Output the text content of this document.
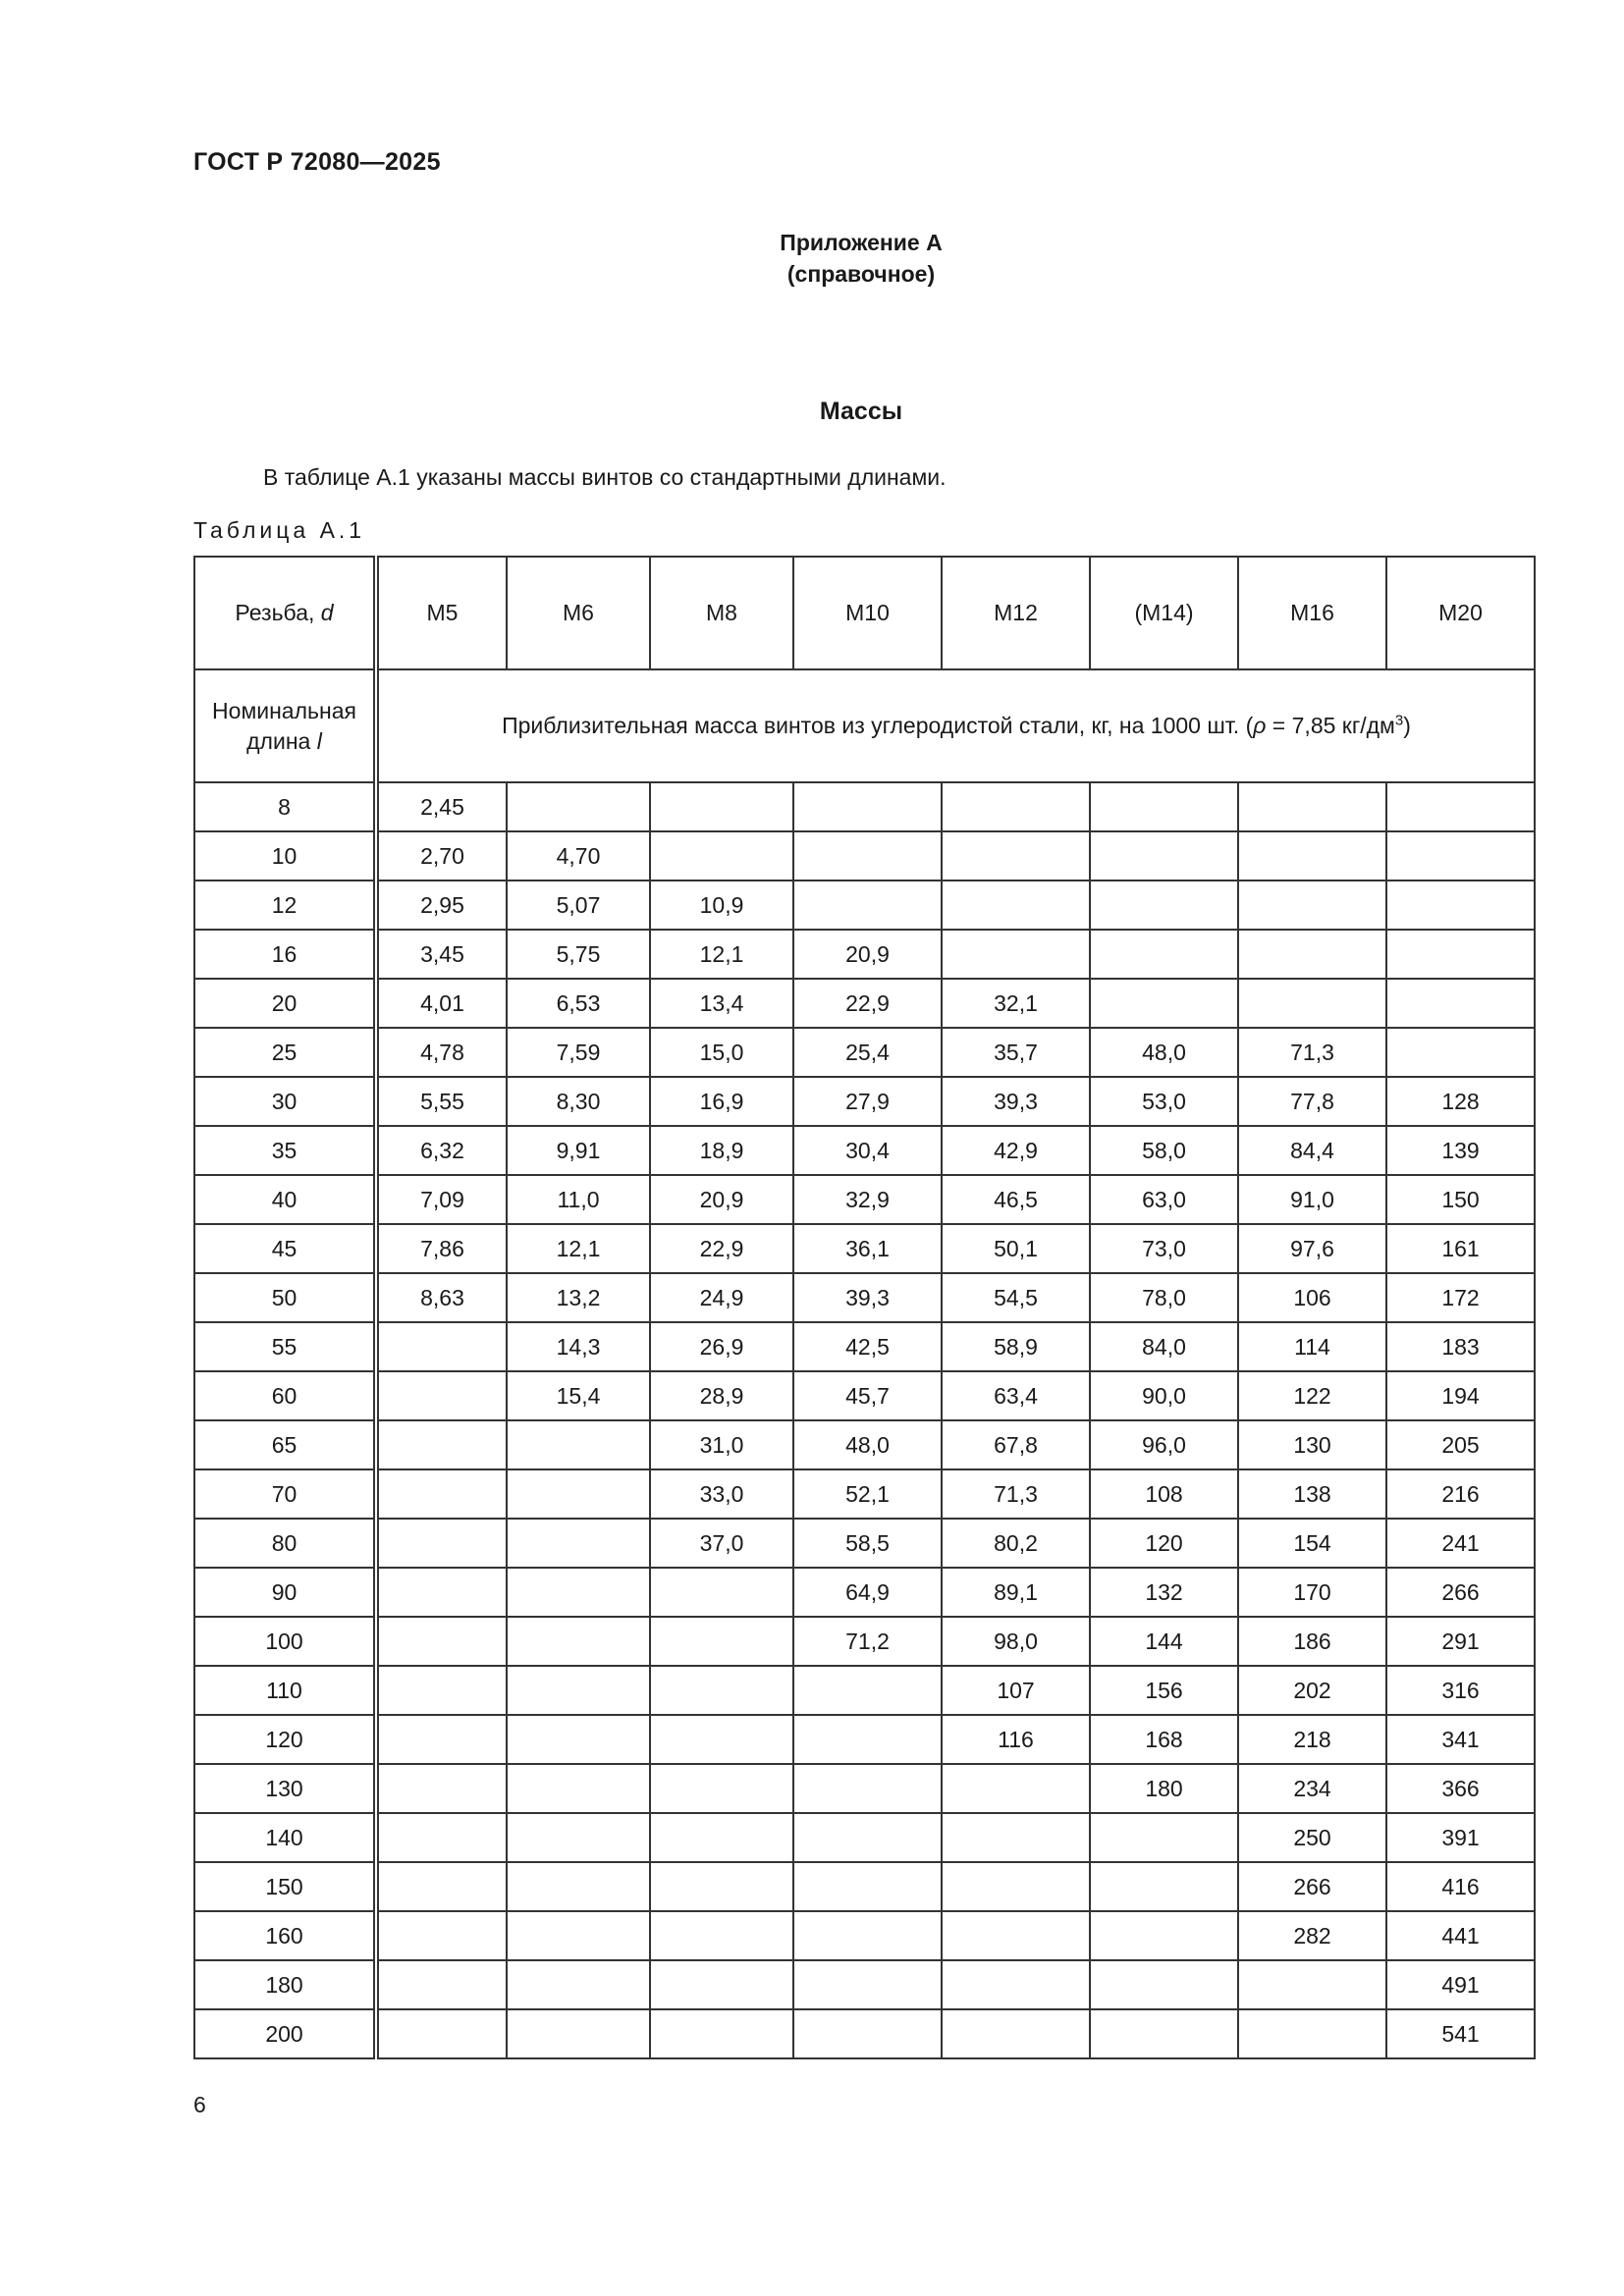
ГОСТ Р 72080—2025
Приложение А
(справочное)
Массы
В таблице А.1 указаны массы винтов со стандартными длинами.
Таблица А.1
Резьба, d	M5	M6	M8	M10	M12	(M14)	M16	M20

Номинальная
длина l	Приблизительная масса винтов из углеродистой стали, кг, на 1000 шт. (ρ = 7,85 $кг/дм^3$)							
8	2,45							
10	2,70	4,70						
12	2,95	5,07	10,9					
16	3,45	5,75	12,1	20,9				
20	4,01	6,53	13,4	22,9	32,1			
25	4,78	7,59	15,0	25,4	35,7	48,0	71,3	
30	5,55	8,30	16,9	27,9	39,3	53,0	77,8	128
35	6,32	9,91	18,9	30,4	42,9	58,0	84,4	139
40	7,09	11,0	20,9	32,9	46,5	63,0	91,0	150
45	7,86	12,1	22,9	36,1	50,1	73,0	97,6	161
50	8,63	13,2	24,9	39,3	54,5	78,0	106	172
55		14,3	26,9	42,5	58,9	84,0	114	183
60		15,4	28,9	45,7	63,4	90,0	122	194
65			31,0	48,0	67,8	96,0	130	205
70			33,0	52,1	71,3	108	138	216
80			37,0	58,5	80,2	120	154	241
90				64,9	89,1	132	170	266
100				71,2	98,0	144	186	291
110					107	156	202	316
120					116	168	218	341
130						180	234	366
140							250	391
150							266	416
160							282	441
180								491
200								541
6
